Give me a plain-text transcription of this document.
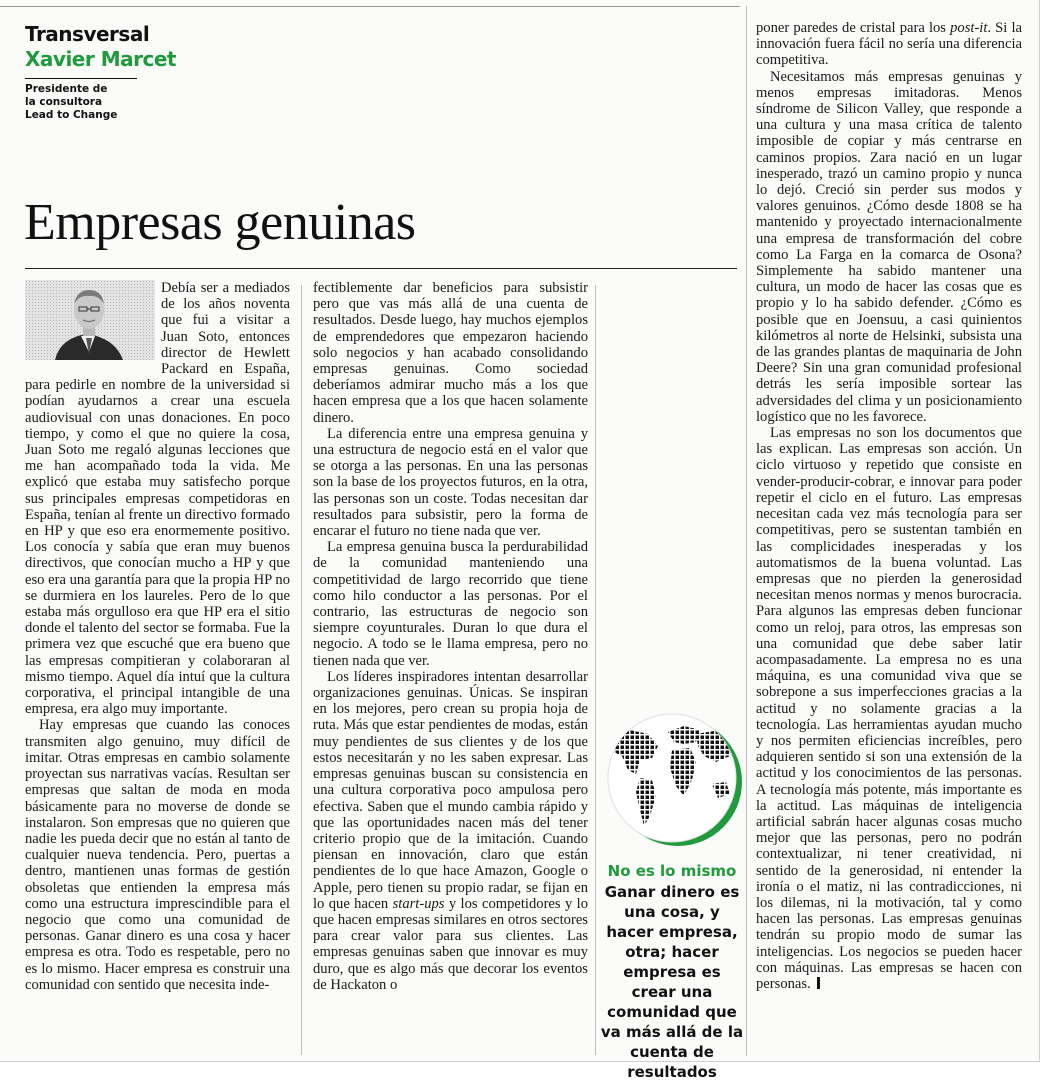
Transversal
Xavier Marcet
Presidente de
la consultora
Lead to Change
Empresas genuinas

Debía ser a mediados de los años noventa que fui a visitar a Juan Soto, entonces director de Hewlett Packard en España, para pedirle en nombre de la universidad si podían ayudarnos a crear una escuela audiovisual con unas donaciones. En poco tiempo, y como el que no quiere la cosa, Juan Soto me regaló algunas lecciones que me han acompañado toda la vida. Me explicó que estaba muy satisfecho porque sus principales empresas competidoras en España, tenían al frente un directivo formado en HP y que eso era enormemente positivo. Los conocía y sabía que eran muy buenos directivos, que conocían mucho a HP y que eso era una garantía para que la propia HP no se durmiera en los laureles. Pero de lo que estaba más orgulloso era que HP era el sitio donde el talento del sector se formaba. Fue la primera vez que escuché que era bueno que las empresas compitieran y colaboraran al mismo tiempo. Aquel día intuí que la cultura corporativa, el principal intangible de una empresa, era algo muy importante.

Hay empresas que cuando las conoces transmiten algo genuino, muy difícil de imitar. Otras empresas en cambio solamente proyectan sus narrativas vacías. Resultan ser empresas que saltan de moda en moda básicamente para no moverse de donde se instalaron. Son empresas que no quieren que nadie les pueda decir que no están al tanto de cualquier nueva tendencia. Pero, puertas a dentro, mantienen unas formas de gestión obsoletas que entienden la empresa más como una estructura imprescindible para el negocio que como una comunidad de personas. Ganar dinero es una cosa y hacer empresa es otra. Todo es respetable, pero no es lo mismo. Hacer empresa es construir una comunidad con sentido que necesita inde-

fectiblemente dar beneficios para subsistir pero que vas más allá de una cuenta de resultados. Desde luego, hay muchos ejemplos de emprendedores que empezaron haciendo solo negocios y han acabado consolidando empresas genuinas. Como sociedad deberíamos admirar mucho más a los que hacen empresa que a los que hacen solamente dinero.

La diferencia entre una empresa genuina y una estructura de negocio está en el valor que se otorga a las personas. En una las personas son la base de los proyectos futuros, en la otra, las personas son un coste. Todas necesitan dar resultados para subsistir, pero la forma de encarar el futuro no tiene nada que ver.

La empresa genuina busca la perdurabilidad de la comunidad manteniendo una competitividad de largo recorrido que tiene como hilo conductor a las personas. Por el contrario, las estructuras de negocio son siempre coyunturales. Duran lo que dura el negocio. A todo se le llama empresa, pero no tienen nada que ver.

Los líderes inspiradores intentan desarrollar organizaciones genuinas. Únicas. Se inspiran en los mejores, pero crean su propia hoja de ruta. Más que estar pendientes de modas, están muy pendientes de sus clientes y de los que estos necesitarán y no les saben expresar. Las empresas genuinas buscan su consistencia en una cultura corporativa poco ampulosa pero efectiva. Saben que el mundo cambia rápido y que las oportunidades nacen más del tener criterio propio que de la imitación. Cuando piensan en innovación, claro que están pendientes de lo que hace Amazon, Google o Apple, pero tienen su propio radar, se fijan en lo que hacen start-ups y los competidores y lo que hacen empresas similares en otros sectores para crear valor para sus clientes. Las empresas genuinas saben que innovar es muy duro, que es algo más que decorar los eventos de Hackaton o

No es lo mismo
Ganar dinero es una cosa, y hacer empresa, otra; hacer empresa es crear una comunidad que va más allá de la cuenta de resultados

poner paredes de cristal para los post-it. Si la innovación fuera fácil no sería una diferencia competitiva.

Necesitamos más empresas genuinas y menos empresas imitadoras. Menos síndrome de Silicon Valley, que responde a una cultura y una masa crítica de talento imposible de copiar y más centrarse en caminos propios. Zara nació en un lugar inesperado, trazó un camino propio y nunca lo dejó. Creció sin perder sus modos y valores genuinos. ¿Cómo desde 1808 se ha mantenido y proyectado internacionalmente una empresa de transformación del cobre como La Farga en la comarca de Osona? Simplemente ha sabido mantener una cultura, un modo de hacer las cosas que es propio y lo ha sabido defender. ¿Cómo es posible que en Joensuu, a casi quinientos kilómetros al norte de Helsinki, subsista una de las grandes plantas de maquinaria de John Deere? Sin una gran comunidad profesional detrás les sería imposible sortear las adversidades del clima y un posicionamiento logístico que no les favorece.

Las empresas no son los documentos que las explican. Las empresas son acción. Un ciclo virtuoso y repetido que consiste en vender-producir-cobrar, e innovar para poder repetir el ciclo en el futuro. Las empresas necesitan cada vez más tecnología para ser competitivas, pero se sustentan también en las complicidades inesperadas y los automatismos de la buena voluntad. Las empresas que no pierden la generosidad necesitan menos normas y menos burocracia. Para algunos las empresas deben funcionar como un reloj, para otros, las empresas son una comunidad que debe saber latir acompasadamente. La empresa no es una máquina, es una comunidad viva que se sobrepone a sus imperfecciones gracias a la actitud y no solamente gracias a la tecnología. Las herramientas ayudan mucho y nos permiten eficiencias increíbles, pero adquieren sentido si son una extensión de la actitud y los conocimientos de las personas. A tecnología más potente, más importante es la actitud. Las máquinas de inteligencia artificial sabrán hacer algunas cosas mucho mejor que las personas, pero no podrán contextualizar, ni tener creatividad, ni sentido de la generosidad, ni entender la ironía o el matiz, ni las contradicciones, ni los dilemas, ni la motivación, tal y como hacen las personas. Las empresas genuinas tendrán su propio modo de sumar las inteligencias. Los negocios se pueden hacer con máquinas. Las empresas se hacen con personas.
